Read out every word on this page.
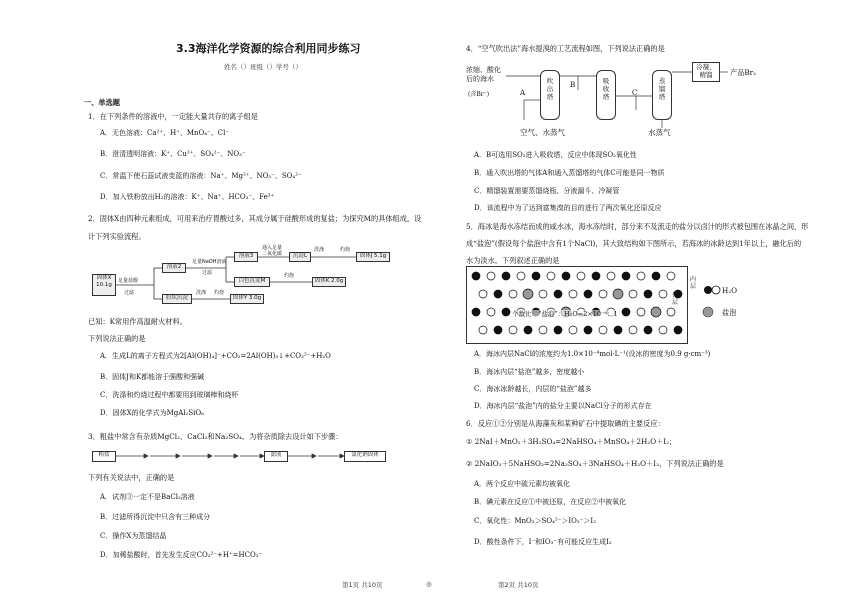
3.3海洋化学资源的综合利用同步练习
姓名（）班级（）学号（）
一、单选题
1．在下列条件的溶液中，一定能大量共存的离子组是
A．无色溶液：Ca²⁺、H⁺、MnO₄⁻、Cl⁻
B．澄清透明溶液：K⁺、Cu²⁺、SO₄²⁻、NO₃⁻
C．常温下使石蕊试液变蓝的溶液：Na⁺、Mg²⁺、NO₃⁻、SO₄²⁻
D．加入铁粉放出H₂的溶液：K⁺、Na⁺、HCO₃⁻、Fe³⁺
2．固体X由四种元素组成，可用来治疗胃酸过多，其成分属于硅酸形成的复盐；为探究M的具体组成，设
计下列实验流程。
固体X
10.1g
足量盐酸
过滤
溶液2
足量NaOH溶液
过滤
溶液3
通入足量
二氧化碳	沉淀L
洗涤	灼烧
固体J 5.1g
白色沉淀M
灼烧
固体K 2.0g
胶状沉淀
洗涤 灼烧
固体Y 3.0g
已知：K常用作高温耐火材料。
下列说法正确的是
A．生成L的离子方程式为2[Al(OH)₄]⁻+CO₂=2Al(OH)₃↓+CO₃²⁻+H₂O
B．固体J和K都能溶于强酸和强碱
C．洗涤和灼烧过程中都要用到玻璃棒和烧杯
D．固体X的化学式为MgAl₂SiO₆
3．粗盐中常含有杂质MgCl₂、CaCl₂和Na₂SO₄。为将杂质除去设计如下步骤：
粗盐	滤液	氯化钠固体
下列有关说法中，正确的是
A．试剂③一定不是BaCl₂溶液
B．过滤所得沉淀中只含有三种成分
C．操作X为蒸馏结晶
D．加稀盐酸时，首先发生反应CO₃²⁻+H⁺=HCO₃⁻
4．“空气吹出法”海水提溴的工艺流程如图，下列说法正确的是
浓缩、酸化
后的海水
(含Br⁻)
吹
出
塔
吸
收
塔
蒸
馏
塔
冷凝、
精馏	产品Br₂
空气、水蒸气	水蒸气
A
B
C
A．B可选用SO₂进入吸收塔，反应中体现SO₂氧化性
B．通入吹出塔的气体A和通入蒸馏塔的气体C可能是同一物质
C．精馏装置需要蒸馏烧瓶、分液漏斗、冷凝管
D．该流程中为了达到富集溴的目的进行了两次氧化还原反应
5．海冰是海水冻结而成的咸水冰，海水冻结时，部分来不及流走的盐分以卤汁的形式被包围在冰晶之间，形
成“盐泡”(假设每个盐泡中含有1个NaCl)，其大致结构如下图所示，若海冰的冰龄达到1年以上，融化后的
水为淡水。下列叙述正确的是
个数比：“盐泡”：H₂O=2×10⁻⁶：1
外
层
内
层	H₂O
盐泡
A．海冰内层NaCl的浓度约为1.0×10⁻⁴mol·L⁻¹(设冰的密度为0.9 g·cm⁻³)
B．海冰内层“盐泡”越多，密度越小
C．海冰冰龄越长，内层的“盐泡”越多
D．海冰内层“盐泡”内的盐分主要以NaCl分子的形式存在
6．反应①②分别是从海藻灰和某种矿石中提取碘的主要反应：
① 2NaI＋MnO₂＋3H₂SO₄=2NaHSO₄＋MnSO₄＋2H₂O＋I₂；
② 2NaIO₃＋5NaHSO₃=2Na₂SO₄＋3NaHSO₄＋H₂O＋I₂，下列说法正确的是
A．两个反应中硫元素均被氧化
B．碘元素在反应①中被还原，在反应②中被氧化
C．氧化性：MnO₂＞SO₄²⁻＞IO₃⁻＞I₂
D．酸性条件下，I⁻和IO₃⁻有可能反应生成I₂
第1页 共10页	◎	第2页 共10页
